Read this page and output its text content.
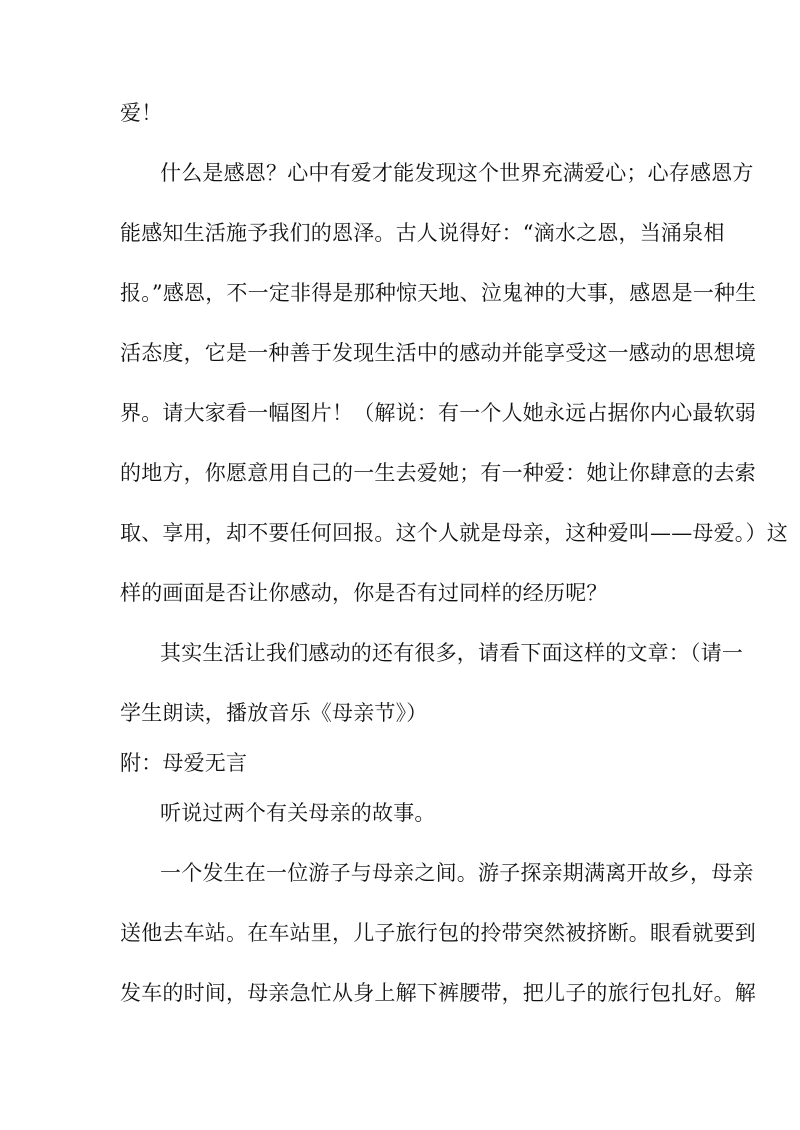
爱！
什么是感恩？心中有爱才能发现这个世界充满爱心；心存感恩方
能感知生活施予我们的恩泽。古人说得好：“滴水之恩，当涌泉相
报。”感恩，不一定非得是那种惊天地、泣鬼神的大事，感恩是一种生
活态度，它是一种善于发现生活中的感动并能享受这一感动的思想境
界。请大家看一幅图片！（解说：有一个人她永远占据你内心最软弱
的地方，你愿意用自己的一生去爱她；有一种爱：她让你肆意的去索
取、享用，却不要任何回报。这个人就是母亲，这种爱叫——母爱。）这
样的画面是否让你感动，你是否有过同样的经历呢？
其实生活让我们感动的还有很多，请看下面这样的文章：（请一
学生朗读，播放音乐《母亲节》）
附：母爱无言
听说过两个有关母亲的故事。
一个发生在一位游子与母亲之间。游子探亲期满离开故乡，母亲
送他去车站。在车站里，儿子旅行包的拎带突然被挤断。眼看就要到
发车的时间，母亲急忙从身上解下裤腰带，把儿子的旅行包扎好。解
